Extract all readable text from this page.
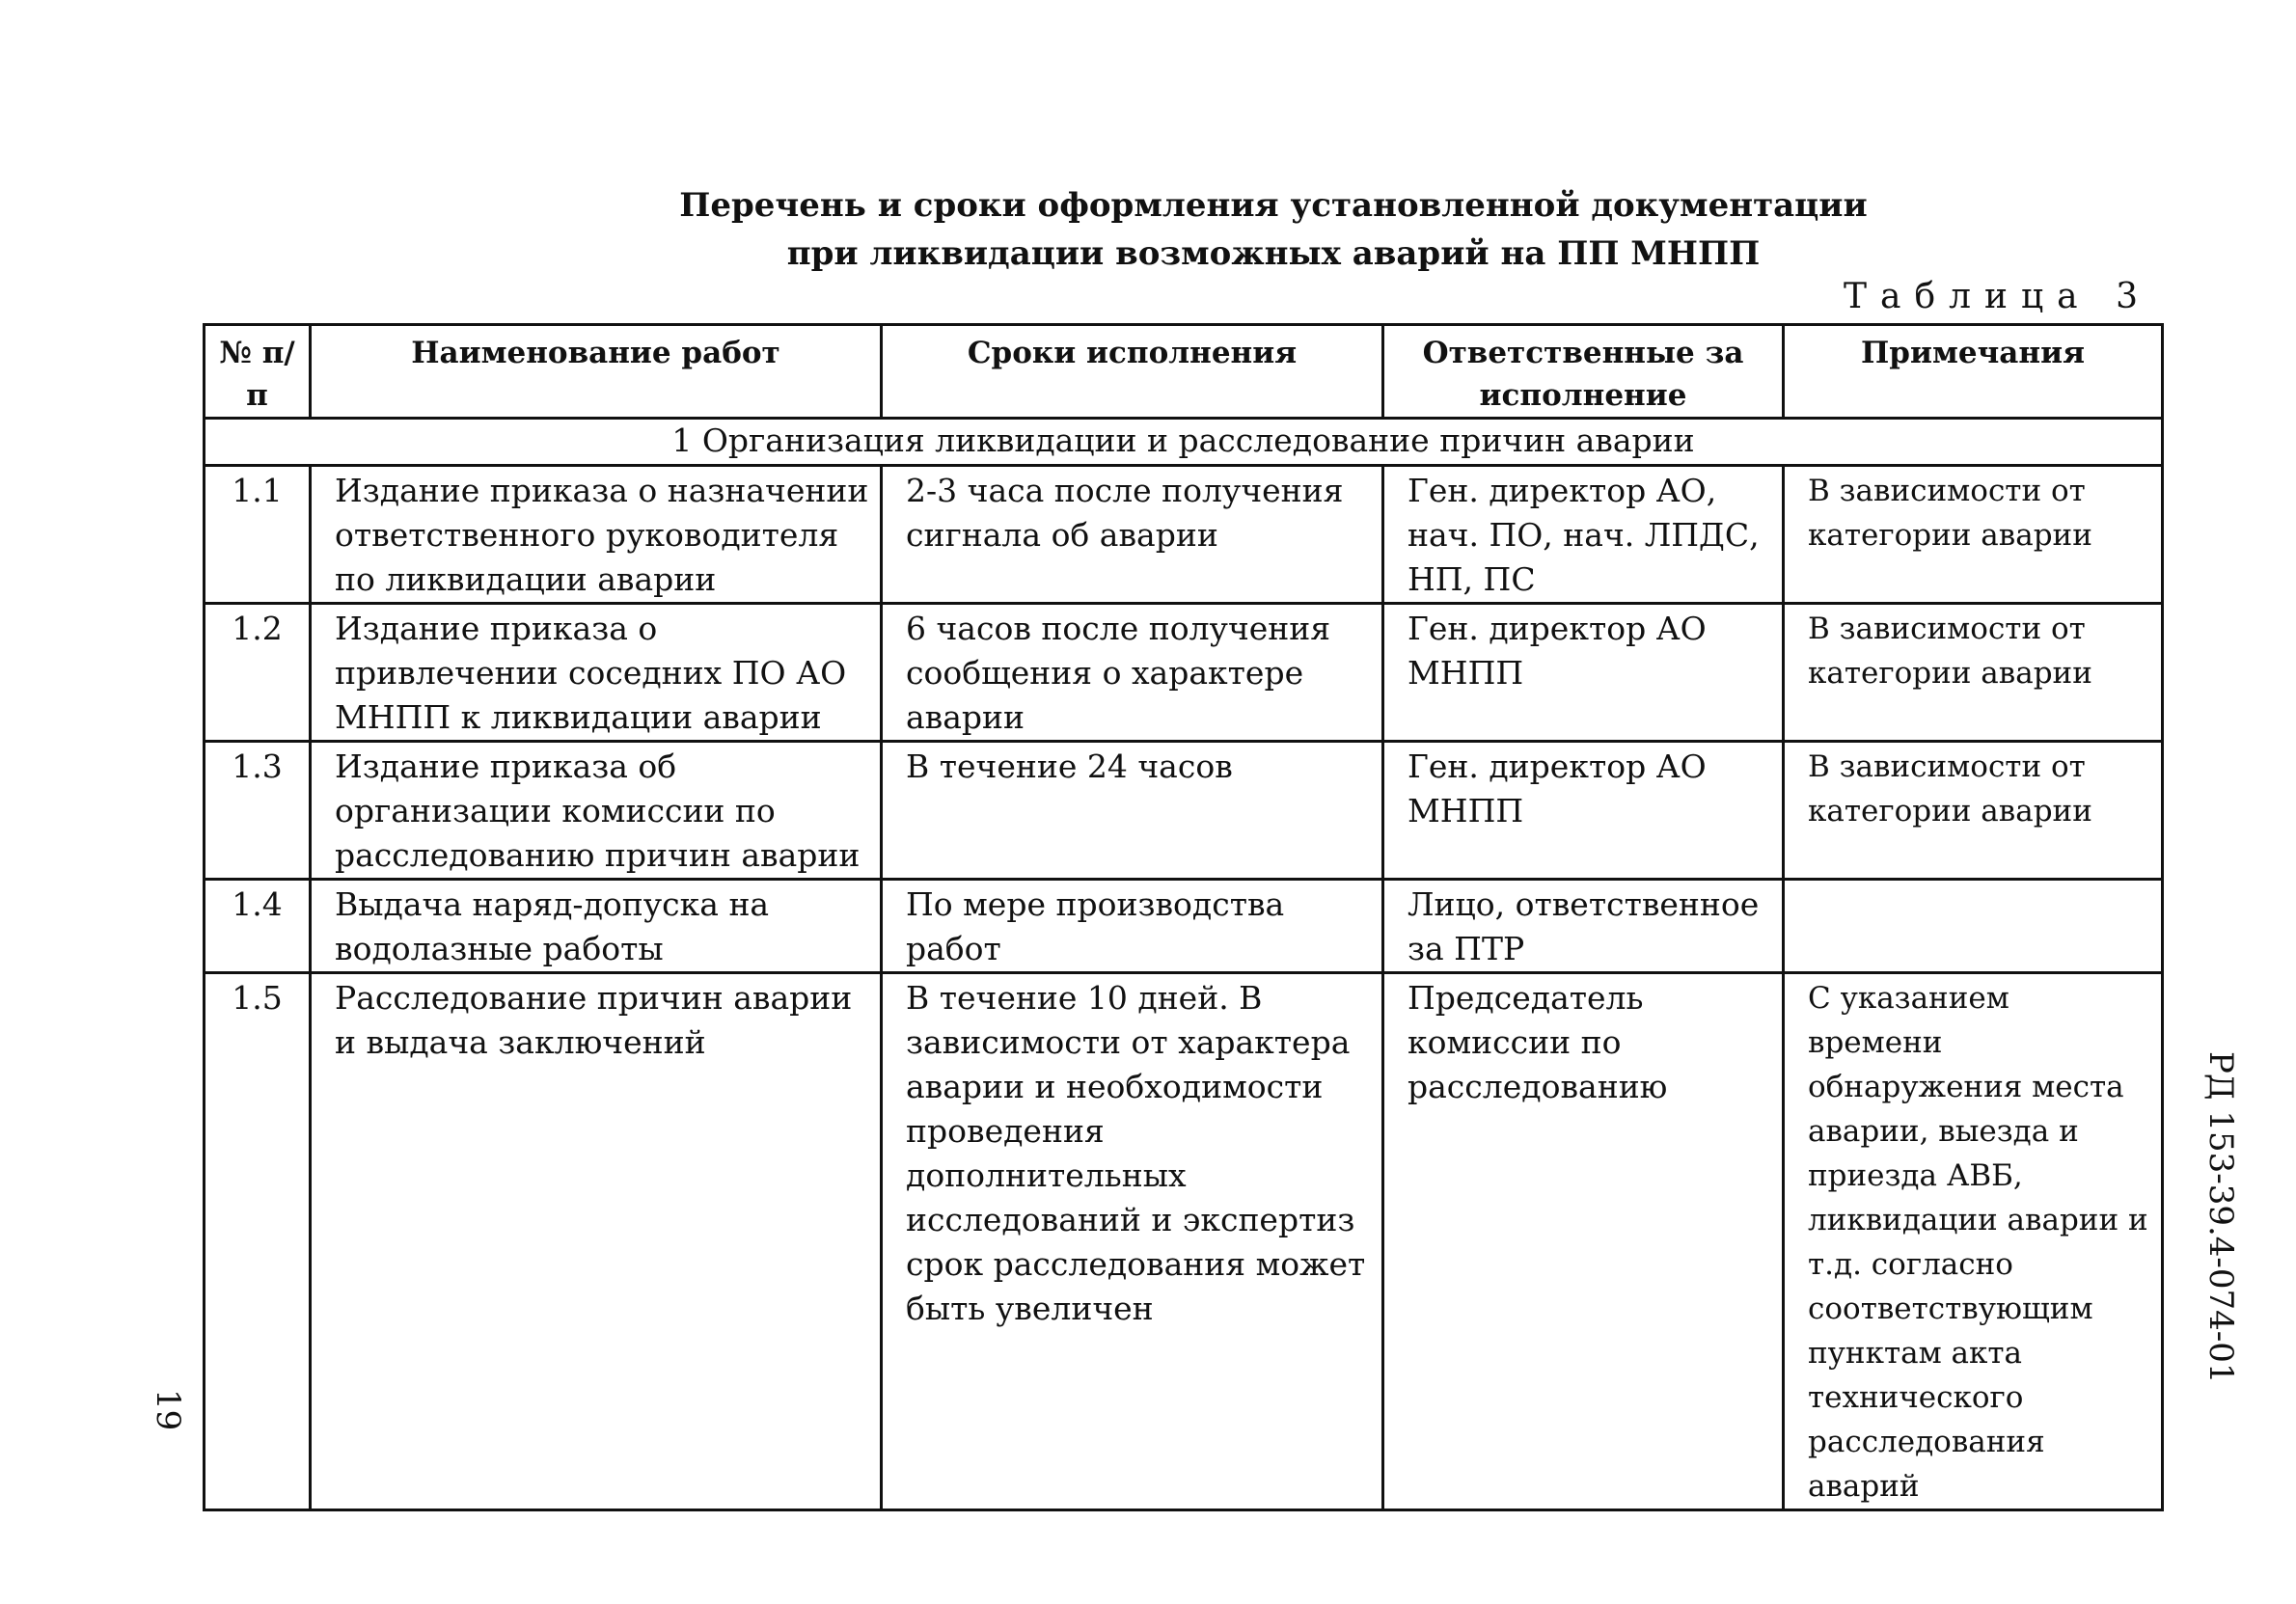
Перечень и сроки оформления установленной документации
при ликвидации возможных аварий на ПП МНПП
Таблица 3
№ п/п	Наименование работ	Сроки исполнения	Ответственные за исполнение	Примечания
1 Организация ликвидации и расследование причин аварии				
1.1	Издание приказа о назначении ответственного руководителя по ликвидации аварии	2-3 часа после получения сигнала об аварии	Ген. директор АО, нач. ПО, нач. ЛПДС, НП, ПС	В зависимости от категории аварии
1.2	Издание приказа о привлечении соседних ПО АО МНПП к ликвидации аварии	6 часов после получения сообщения о характере аварии	Ген. директор АО МНПП	В зависимости от категории аварии
1.3	Издание приказа об организации комиссии по расследованию причин аварии	В течение 24 часов	Ген. директор АО МНПП	В зависимости от категории аварии
1.4	Выдача наряд-допуска на водолазные работы	По мере производства работ	Лицо, ответственное за ПТР	
1.5	Расследование причин аварии и выдача заключений	В течение 10 дней. В зависимости от характера аварии и необходимости проведения дополнительных исследований и экспертиз срок расследования может быть увеличен	Председатель комиссии по расследованию	С указанием времени обнаружения места аварии, выезда и приезда АВБ, ликвидации аварии и т.д. согласно соответствующим пунктам акта технического расследования аварий
РД 153-39.4-074-01
19
